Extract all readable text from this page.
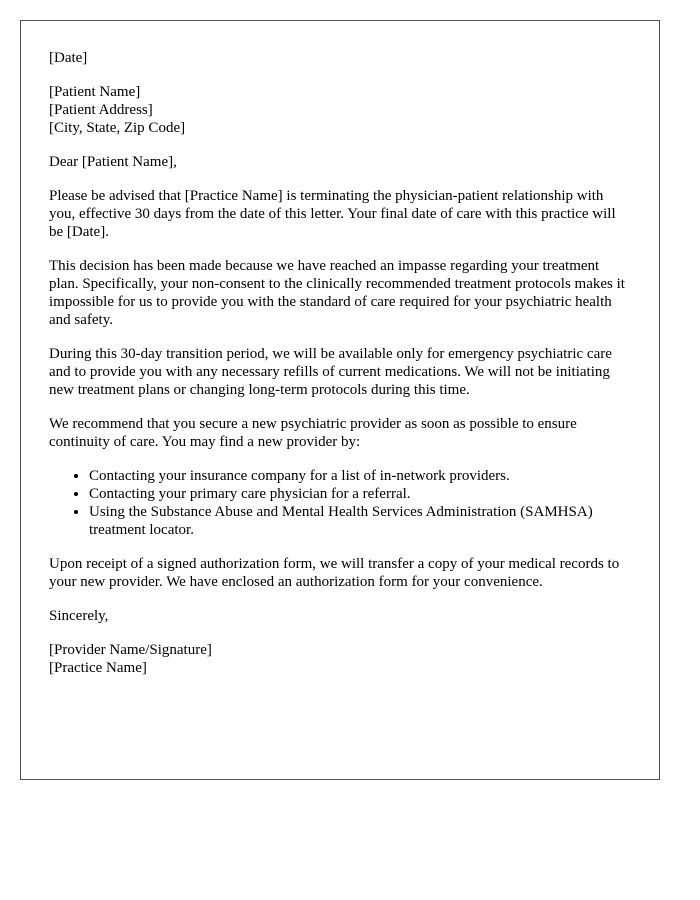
[Date]
[Patient Name]
[Patient Address]
[City, State, Zip Code]

Dear [Patient Name],

Please be advised that [Practice Name] is terminating the physician-patient relationship with you, effective 30 days from the date of this letter. Your final date of care with this practice will be [Date].

This decision has been made because we have reached an impasse regarding your treatment plan. Specifically, your non-consent to the clinically recommended treatment protocols makes it impossible for us to provide you with the standard of care required for your psychiatric health and safety.

During this 30-day transition period, we will be available only for emergency psychiatric care and to provide you with any necessary refills of current medications. We will not be initiating new treatment plans or changing long-term protocols during this time.

We recommend that you secure a new psychiatric provider as soon as possible to ensure continuity of care. You may find a new provider by:

• Contacting your insurance company for a list of in-network providers.
• Contacting your primary care physician for a referral.
• Using the Substance Abuse and Mental Health Services Administration (SAMHSA) treatment locator.

Upon receipt of a signed authorization form, we will transfer a copy of your medical records to your new provider. We have enclosed an authorization form for your convenience.

Sincerely,

[Provider Name/Signature]
[Practice Name]
